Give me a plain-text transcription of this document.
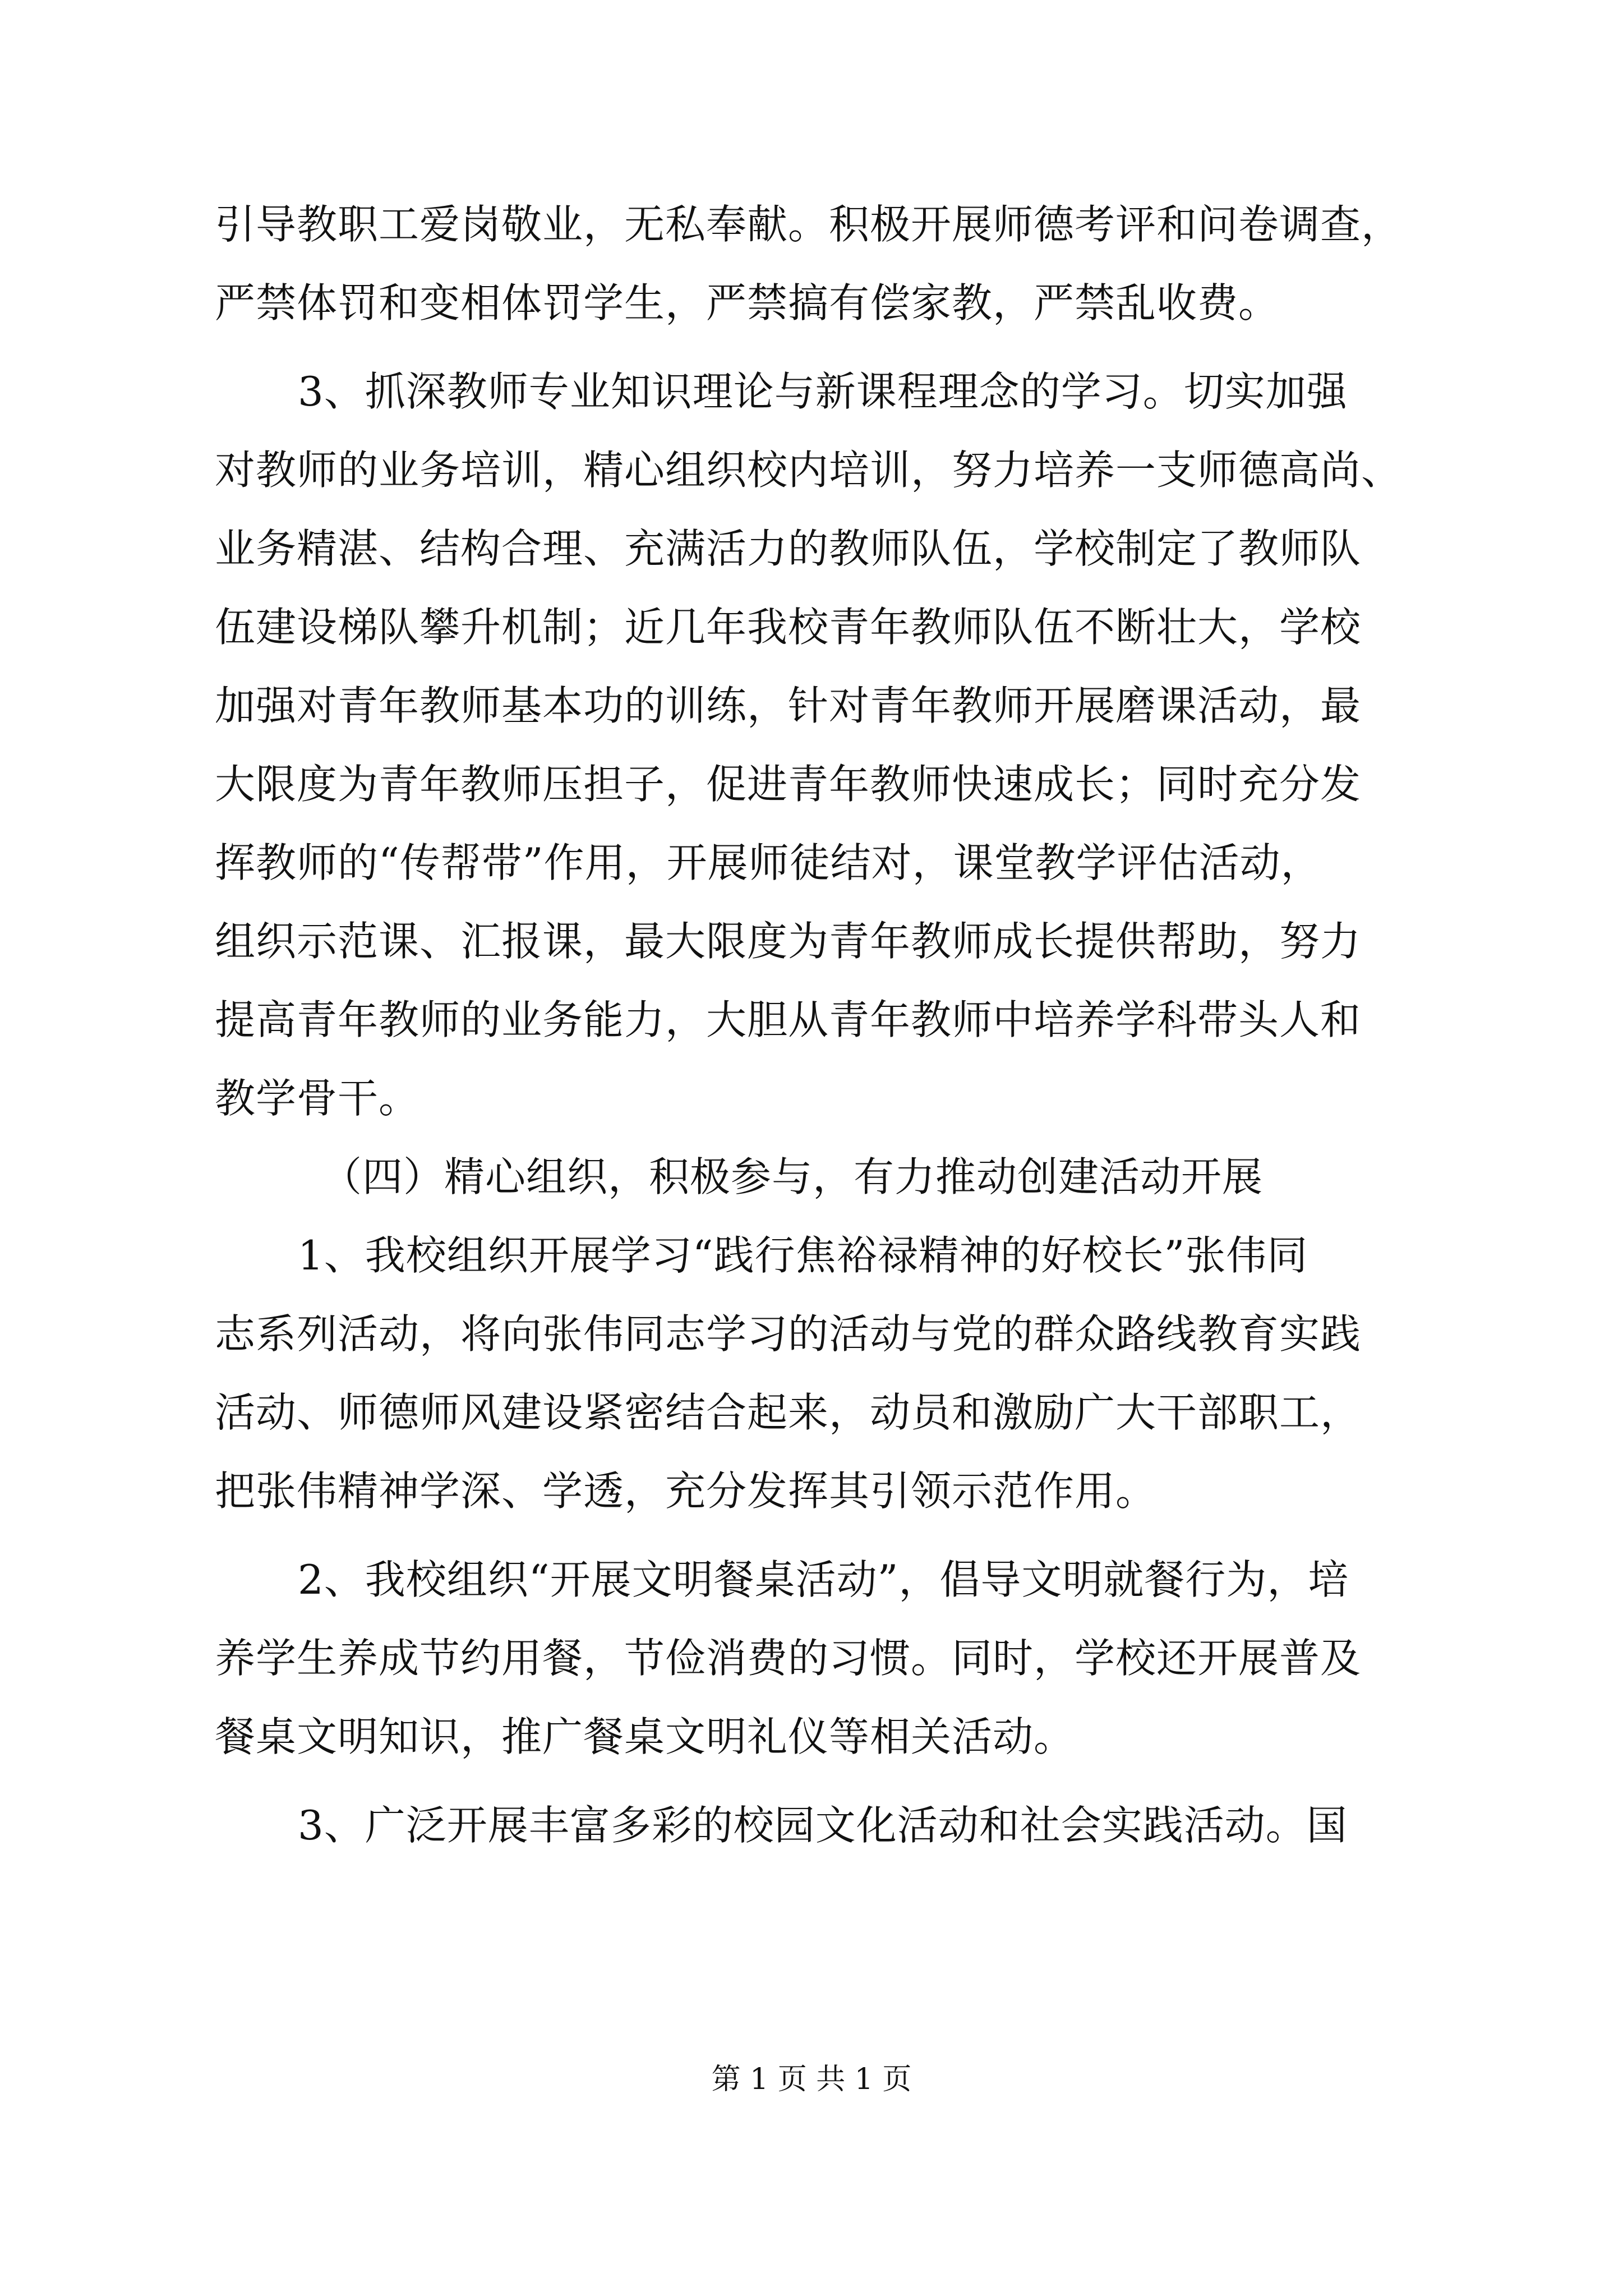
引导教职工爱岗敬业，无私奉献。积极开展师德考评和问卷调查，
严禁体罚和变相体罚学生，严禁搞有偿家教，严禁乱收费。
3、抓深教师专业知识理论与新课程理念的学习。切实加强
对教师的业务培训，精心组织校内培训，努力培养一支师德高尚、
业务精湛、结构合理、充满活力的教师队伍，学校制定了教师队
伍建设梯队攀升机制；近几年我校青年教师队伍不断壮大，学校
加强对青年教师基本功的训练，针对青年教师开展磨课活动，最
大限度为青年教师压担子，促进青年教师快速成长；同时充分发
挥教师的“传帮带”作用，开展师徒结对，课堂教学评估活动，
组织示范课、汇报课，最大限度为青年教师成长提供帮助，努力
提高青年教师的业务能力，大胆从青年教师中培养学科带头人和
教学骨干。
（四）精心组织，积极参与，有力推动创建活动开展
1、我校组织开展学习“践行焦裕禄精神的好校长”张伟同
志系列活动，将向张伟同志学习的活动与党的群众路线教育实践
活动、师德师风建设紧密结合起来，动员和激励广大干部职工，
把张伟精神学深、学透，充分发挥其引领示范作用。
2、我校组织“开展文明餐桌活动”，倡导文明就餐行为，培
养学生养成节约用餐，节俭消费的习惯。同时，学校还开展普及
餐桌文明知识，推广餐桌文明礼仪等相关活动。
3、广泛开展丰富多彩的校园文化活动和社会实践活动。国
第 1 页 共 1 页
